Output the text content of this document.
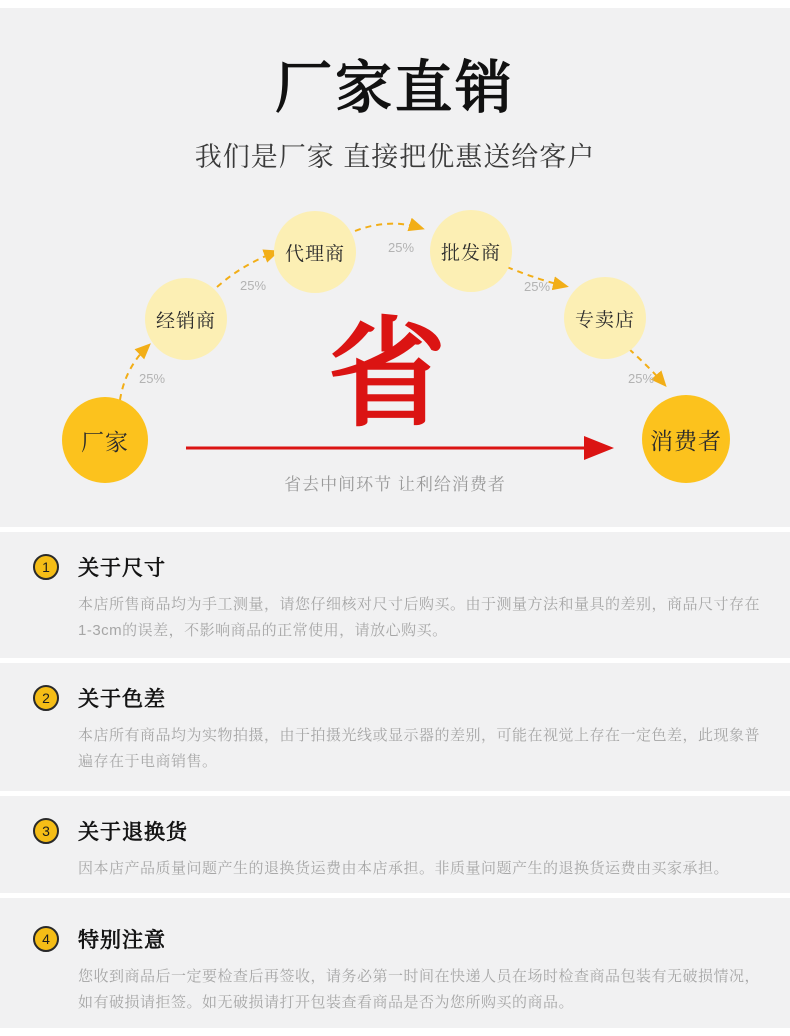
厂家直销
我们是厂家 直接把优惠送给客户
厂家
经销商
代理商	批发商
专卖店
消费者
25%
25%
25%
25%
25%
省
省去中间环节 让利给消费者
1	关于尺寸
本店所售商品均为手工测量，请您仔细核对尺寸后购买。由于测量方法和量具的差别，商品尺寸存在1-3cm的误差，不影响商品的正常使用，请放心购买。
2	关于色差
本店所有商品均为实物拍摄，由于拍摄光线或显示器的差别，可能在视觉上存在一定色差，此现象普遍存在于电商销售。
3	关于退换货
因本店产品质量问题产生的退换货运费由本店承担。非质量问题产生的退换货运费由买家承担。
4	特别注意
您收到商品后一定要检查后再签收，请务必第一时间在快递人员在场时检查商品包装有无破损情况，如有破损请拒签。如无破损请打开包装查看商品是否为您所购买的商品。
